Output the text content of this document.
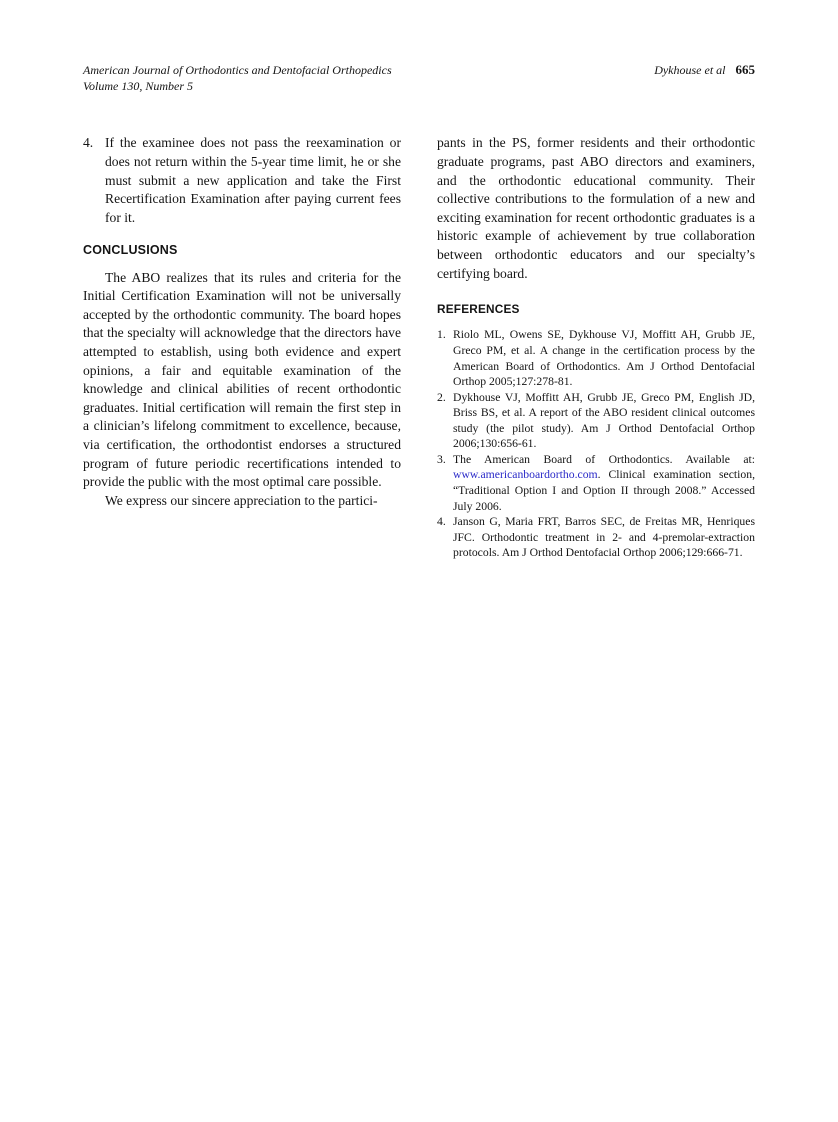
American Journal of Orthodontics and Dentofacial Orthopedics
Volume 130, Number 5
Dykhouse et al 665
4. If the examinee does not pass the reexamination or does not return within the 5-year time limit, he or she must submit a new application and take the First Recertification Examination after paying current fees for it.
CONCLUSIONS

The ABO realizes that its rules and criteria for the Initial Certification Examination will not be universally accepted by the orthodontic community. The board hopes that the specialty will acknowledge that the directors have attempted to establish, using both evidence and expert opinions, a fair and equitable examination of the knowledge and clinical abilities of recent orthodontic graduates. Initial certification will remain the first step in a clinician’s lifelong commitment to excellence, because, via certification, the orthodontist endorses a structured program of future periodic recertifications intended to provide the public with the most optimal care possible.

We express our sincere appreciation to the partici-

pants in the PS, former residents and their orthodontic graduate programs, past ABO directors and examiners, and the orthodontic educational community. Their collective contributions to the formulation of a new and exciting examination for recent orthodontic graduates is a historic example of achievement by true collaboration between orthodontic educators and our specialty’s certifying board.

REFERENCES
1. Riolo ML, Owens SE, Dykhouse VJ, Moffitt AH, Grubb JE, Greco PM, et al. A change in the certification process by the American Board of Orthodontics. Am J Orthod Dentofacial Orthop 2005;127:278-81.
2. Dykhouse VJ, Moffitt AH, Grubb JE, Greco PM, English JD, Briss BS, et al. A report of the ABO resident clinical outcomes study (the pilot study). Am J Orthod Dentofacial Orthop 2006;130:656-61.
3. The American Board of Orthodontics. Available at: www.americanboardortho.com. Clinical examination section, “Traditional Option I and Option II through 2008.” Accessed July 2006.
4. Janson G, Maria FRT, Barros SEC, de Freitas MR, Henriques JFC. Orthodontic treatment in 2- and 4-premolar-extraction protocols. Am J Orthod Dentofacial Orthop 2006;129:666-71.
